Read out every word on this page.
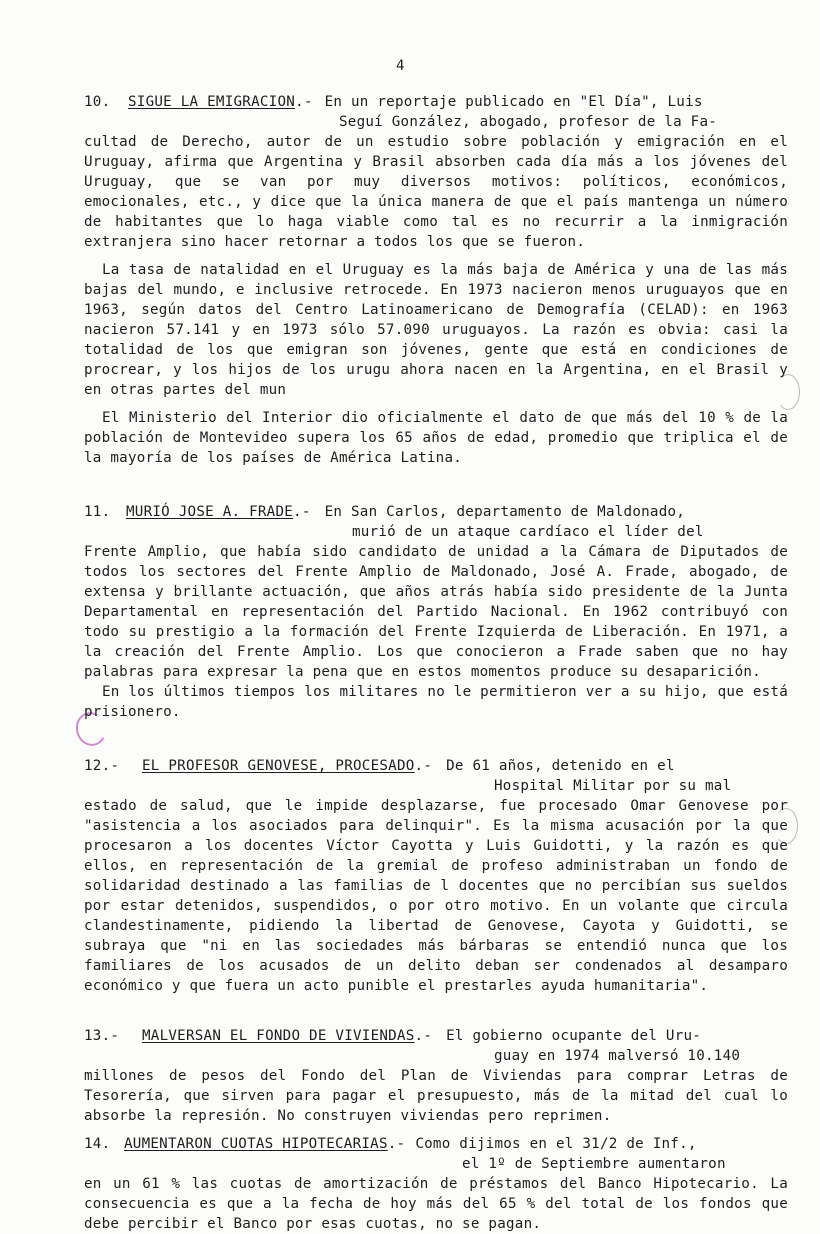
4
10.	SIGUE LA EMIGRACION .- En un reportaje publicado en "El Día", Luis

Seguí González, abogado, profesor de la Fa-

cultad de Derecho, autor de un estudio sobre población y emigración en el Uruguay, afirma que Argentina y Brasil absorben cada día más a los jóvenes del Uruguay, que se van por muy diversos motivos: políticos, económicos, emocionales, etc., y dice que la única manera de que el país mantenga un número de habitantes que lo haga viable como tal es no recurrir a la inmigración extranjera sino hacer retornar a todos los que se fueron.

La tasa de natalidad en el Uruguay es la más baja de América y una de las más bajas del mundo, e inclusive retrocede. En 1973 nacieron menos uruguayos que en 1963, según datos del Centro Latinoamericano de Demografía (CELAD): en 1963 nacieron 57.141 y en 1973 sólo 57.090 uruguayos. La razón es obvia: casi la totalidad de los que emigran son jóvenes, gente que está en condiciones de procrear, y los hijos de los urugu ahora nacen en la Argentina, en el Brasil y en otras partes del mun

El Ministerio del Interior dio oficialmente el dato de que más del 10 % de la población de Montevideo supera los 65 años de edad, promedio que triplica el de la mayoría de los países de América Latina.

11.	MURIÓ JOSE A. FRADE .- En San Carlos, departamento de Maldonado,

murió de un ataque cardíaco el líder del

Frente Amplio, que había sido candidato de unidad a la Cámara de Diputados de todos los sectores del Frente Amplio de Maldonado, José A. Frade, abogado, de extensa y brillante actuación, que años atrás había sido presidente de la Junta Departamental en representación del Partido Nacional. En 1962 contribuyó con todo su prestigio a la formación del Frente Izquierda de Liberación. En 1971, a la creación del Frente Amplio. Los que conocieron a Frade saben que no hay palabras para expresar la pena que en estos momentos produce su desaparición.

En los últimos tiempos los militares no le permitieron ver a su hijo, que está prisionero.

12.-	EL PROFESOR GENOVESE, PROCESADO .- De 61 años, detenido en el

Hospital Militar por su mal

estado de salud, que le impide desplazarse, fue procesado Omar Genovese por "asistencia a los asociados para delinquir". Es la misma acusación por la que procesaron a los docentes Víctor Cayotta y Luis Guidotti, y la razón es que ellos, en representación de la gremial de profeso administraban un fondo de solidaridad destinado a las familias de l docentes que no percibían sus sueldos por estar detenidos, suspendidos, o por otro motivo. En un volante que circula clandestinamente, pidiendo la libertad de Genovese, Cayota y Guidotti, se subraya que "ni en las sociedades más bárbaras se entendió nunca que los familiares de los acusados de un delito deban ser condenados al desamparo económico y que fuera un acto punible el prestarles ayuda humanitaria".

13.-	MALVERSAN EL FONDO DE VIVIENDAS .- El gobierno ocupante del Uru-

guay en 1974 malversó 10.140

millones de pesos del Fondo del Plan de Viviendas para comprar Letras de Tesorería, que sirven para pagar el presupuesto, más de la mitad del cual lo absorbe la represión. No construyen viviendas pero reprimen.

14. AUMENTARON CUOTAS HIPOTECARIAS .- Como dijimos en el 31/2 de Inf.,

el 1º de Septiembre aumentaron

en un 61 % las cuotas de amortización de préstamos del Banco Hipotecario. La consecuencia es que a la fecha de hoy más del 65 % del total de los fondos que debe percibir el Banco por esas cuotas, no se pagan.
